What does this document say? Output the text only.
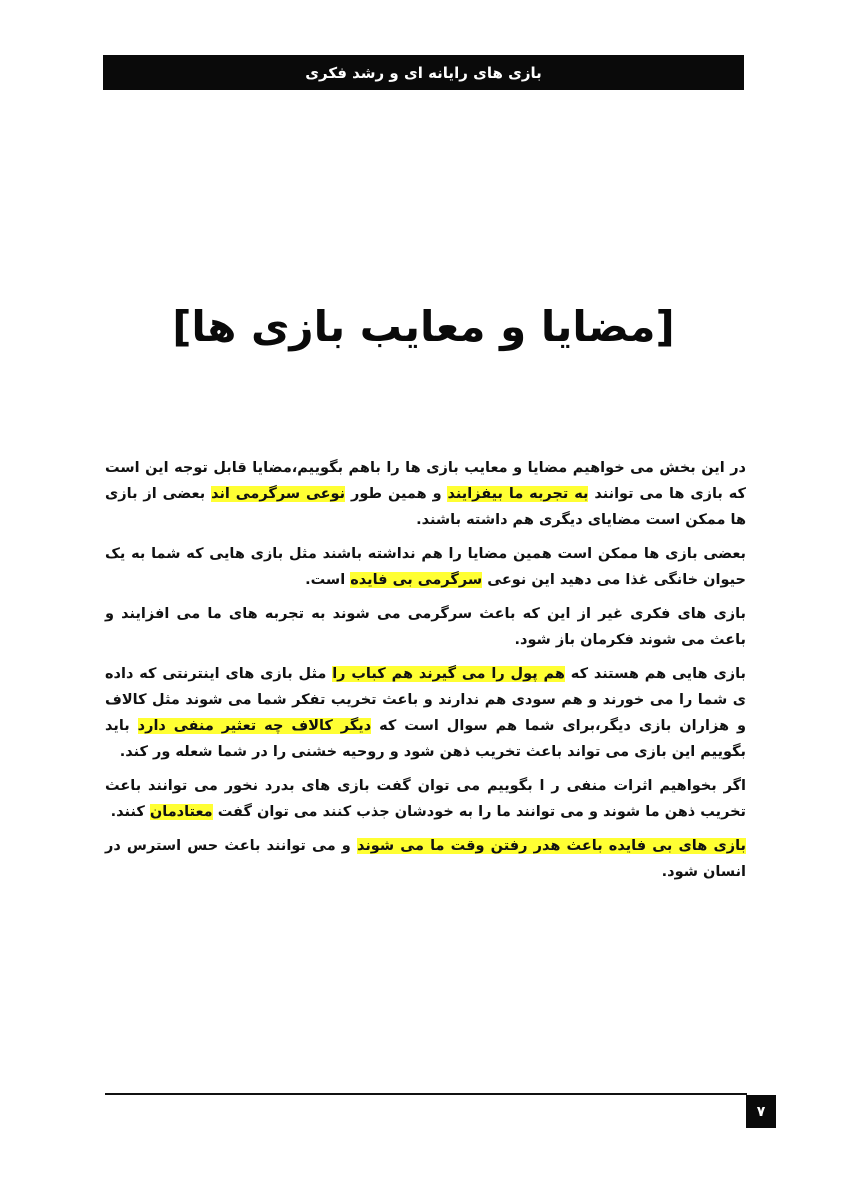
بازی های رایانه ای و رشد فکری
[مضایا و معایب بازی ها]

در این بخش می خواهیم مضایا و معایب بازی ها را باهم بگوییم،مضایا قابل توجه این است که بازی ها می توانند به تجربه ما بیفزایند و همین طور نوعی سرگرمی اند بعضی از بازی ها ممکن است مضایای دیگری هم داشته باشند.

بعضی بازی ها ممکن است همین مضایا را هم نداشته باشند مثل بازی هایی که شما به یک حیوان خانگی غذا می دهید این نوعی سرگرمی بی فایده است.

بازی های فکری غیر از این که باعث سرگرمی می شوند به تجربه های ما می افزایند و باعث می شوند فکرمان باز شود.

بازی هایی هم هستند که هم پول را می گیرند هم کباب را مثل بازی های اینترنتی که داده ی شما را می خورند و هم سودی هم ندارند و باعث تخریب تفکر شما می شوند مثل کالاف و هزاران بازی دیگر،برای شما هم سوال است که دیگر کالاف چه تعثیر منفی دارد باید بگوییم این بازی می تواند باعث تخریب ذهن شود و روحیه خشنی را در شما شعله ور کند.

اگر بخواهیم اثرات منفی ر ا بگوییم می توان گفت بازی های بدرد نخور می توانند باعث تخریب ذهن ما شوند و می توانند ما را به خودشان جذب کنند می توان گفت معتادمان کنند.

بازی های بی فایده باعث هدر رفتن وقت ما می شوند و می توانند باعث حس استرس در انسان شود.

۷
